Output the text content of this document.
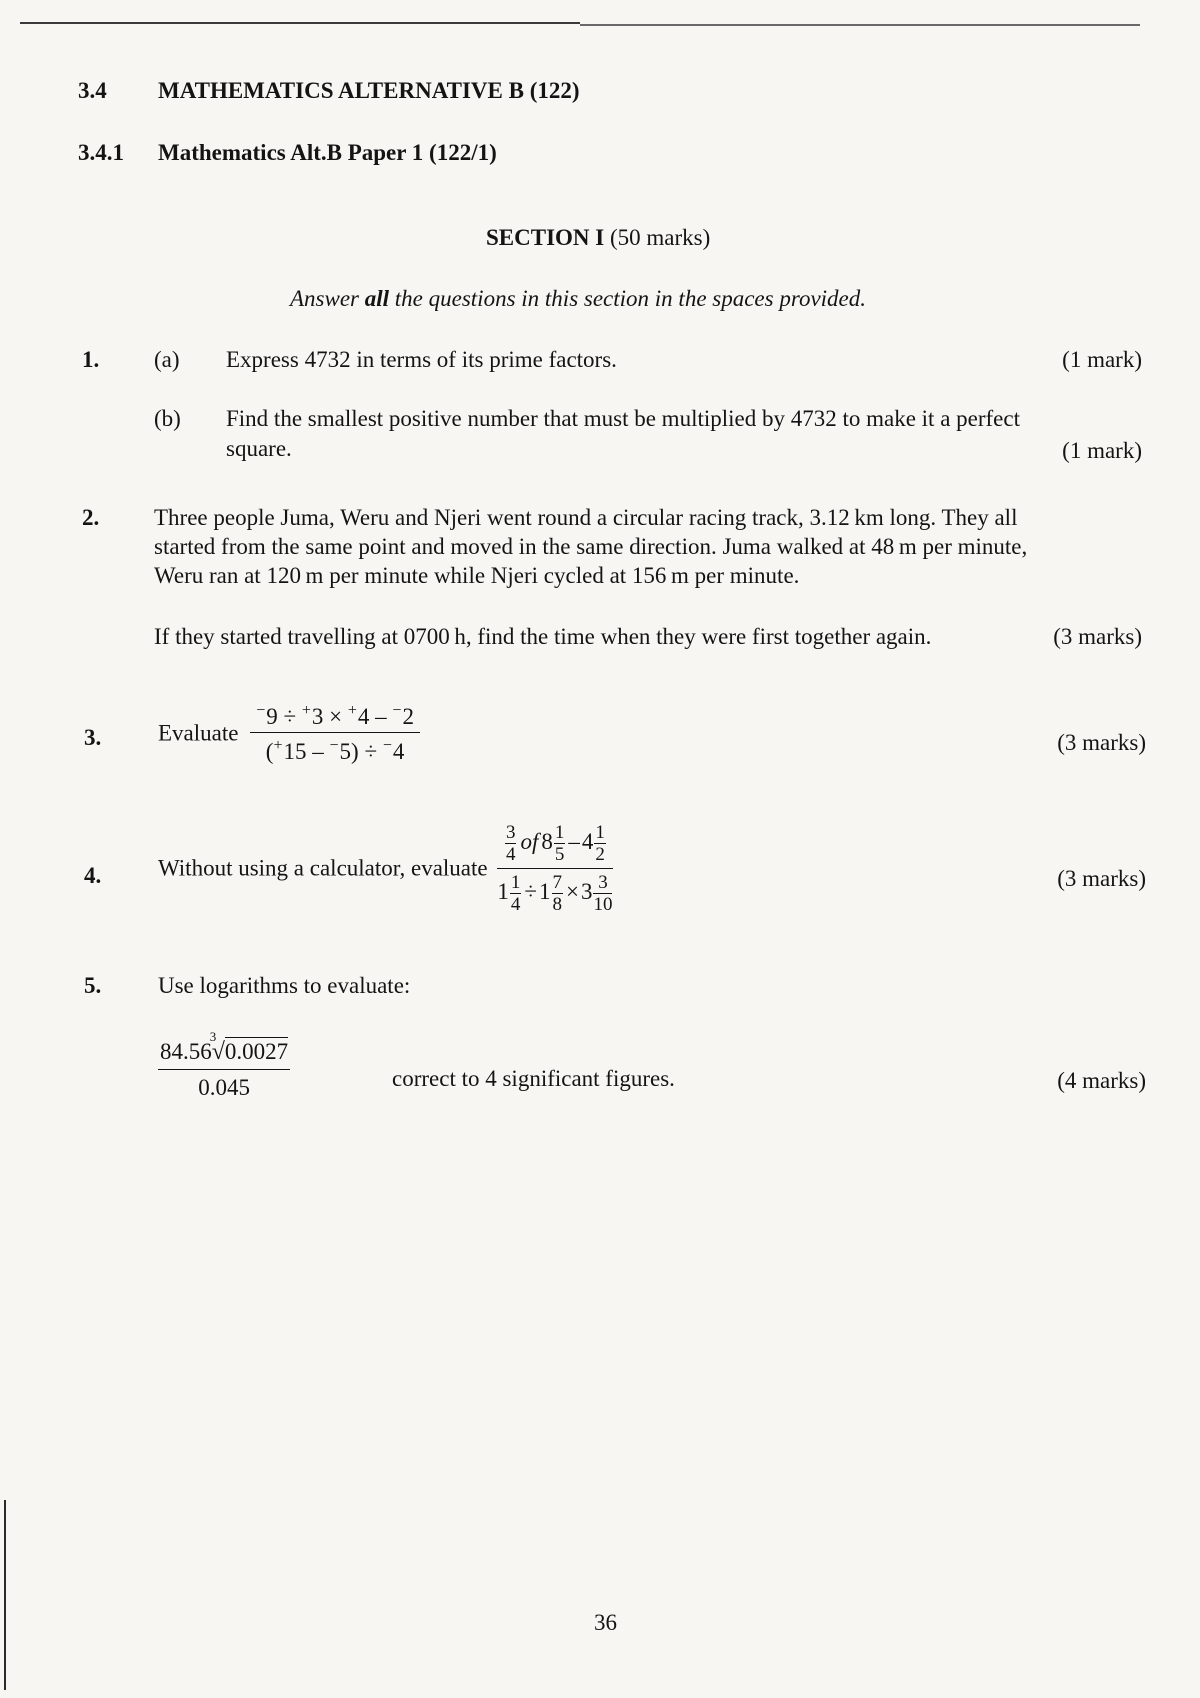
3.4 MATHEMATICS ALTERNATIVE B (122)
3.4.1 Mathematics Alt.B Paper 1 (122/1)
SECTION I (50 marks)
Answer all the questions in this section in the spaces provided.
1. (a) Express 4732 in terms of its prime factors.	(1 mark)
(b) Find the smallest positive number that must be multiplied by 4732 to make it a perfect
square.	(1 mark)
2. Three people Juma, Weru and Njeri went round a circular racing track, 3.12 km long. They all
started from the same point and moved in the same direction. Juma walked at 48 m per minute,
Weru ran at 120 m per minute while Njeri cycled at 156 m per minute.
If they started travelling at 0700 h, find the time when they were first together again.	(3 marks)
3. Evaluate $\frac{^-9 \div ^+3 \times ^+4 - ^-2}{(^+15 - ^-5) \div ^-4}$	(3 marks)
4. Without using a calculator, evaluate $\frac{\frac{3}{4} of 8 \frac{1}{5} -4 \frac{1}{2}}{1 \frac{1}{4} \div 1 \frac{7}{8} \times 3 \frac{3}{10}}$	(3 marks)
5. Use logarithms to evaluate:
84.56
3
√0.0027
0.045	correct to 4 significant figures.	(4 marks)
36
